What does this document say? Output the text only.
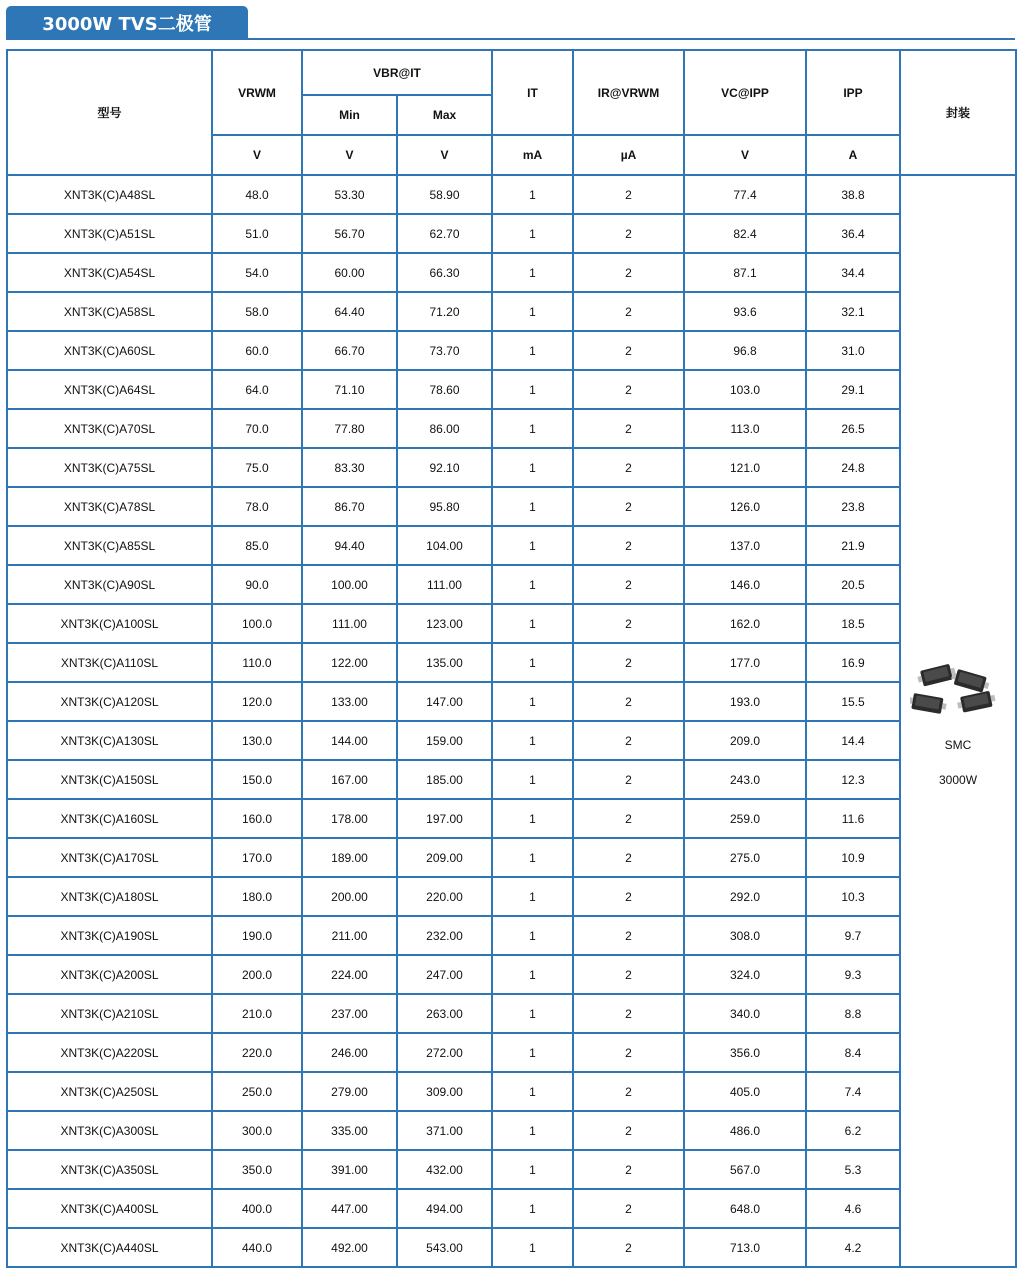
3000W TVS二极管
型号	VRWM	VBR@IT		IT	IR@VRWM	VC@IPP	IPP	封装
		Min	Max					
	V	V	V	mA	µA	V	A	
XNT3K(C)A48SL	48.0	53.30	58.90	1	2	77.4	38.8	SMC
3000W

XNT3K(C)A51SL	51.0	56.70	62.70	1	2	82.4	36.4	
XNT3K(C)A54SL	54.0	60.00	66.30	1	2	87.1	34.4	
XNT3K(C)A58SL	58.0	64.40	71.20	1	2	93.6	32.1	
XNT3K(C)A60SL	60.0	66.70	73.70	1	2	96.8	31.0	
XNT3K(C)A64SL	64.0	71.10	78.60	1	2	103.0	29.1	
XNT3K(C)A70SL	70.0	77.80	86.00	1	2	113.0	26.5	
XNT3K(C)A75SL	75.0	83.30	92.10	1	2	121.0	24.8	
XNT3K(C)A78SL	78.0	86.70	95.80	1	2	126.0	23.8	
XNT3K(C)A85SL	85.0	94.40	104.00	1	2	137.0	21.9	
XNT3K(C)A90SL	90.0	100.00	111.00	1	2	146.0	20.5	
XNT3K(C)A100SL	100.0	111.00	123.00	1	2	162.0	18.5	
XNT3K(C)A110SL	110.0	122.00	135.00	1	2	177.0	16.9	
XNT3K(C)A120SL	120.0	133.00	147.00	1	2	193.0	15.5	
XNT3K(C)A130SL	130.0	144.00	159.00	1	2	209.0	14.4	
XNT3K(C)A150SL	150.0	167.00	185.00	1	2	243.0	12.3	
XNT3K(C)A160SL	160.0	178.00	197.00	1	2	259.0	11.6	
XNT3K(C)A170SL	170.0	189.00	209.00	1	2	275.0	10.9	
XNT3K(C)A180SL	180.0	200.00	220.00	1	2	292.0	10.3	
XNT3K(C)A190SL	190.0	211.00	232.00	1	2	308.0	9.7	
XNT3K(C)A200SL	200.0	224.00	247.00	1	2	324.0	9.3	
XNT3K(C)A210SL	210.0	237.00	263.00	1	2	340.0	8.8	
XNT3K(C)A220SL	220.0	246.00	272.00	1	2	356.0	8.4	
XNT3K(C)A250SL	250.0	279.00	309.00	1	2	405.0	7.4	
XNT3K(C)A300SL	300.0	335.00	371.00	1	2	486.0	6.2	
XNT3K(C)A350SL	350.0	391.00	432.00	1	2	567.0	5.3	
XNT3K(C)A400SL	400.0	447.00	494.00	1	2	648.0	4.6	
XNT3K(C)A440SL	440.0	492.00	543.00	1	2	713.0	4.2	
